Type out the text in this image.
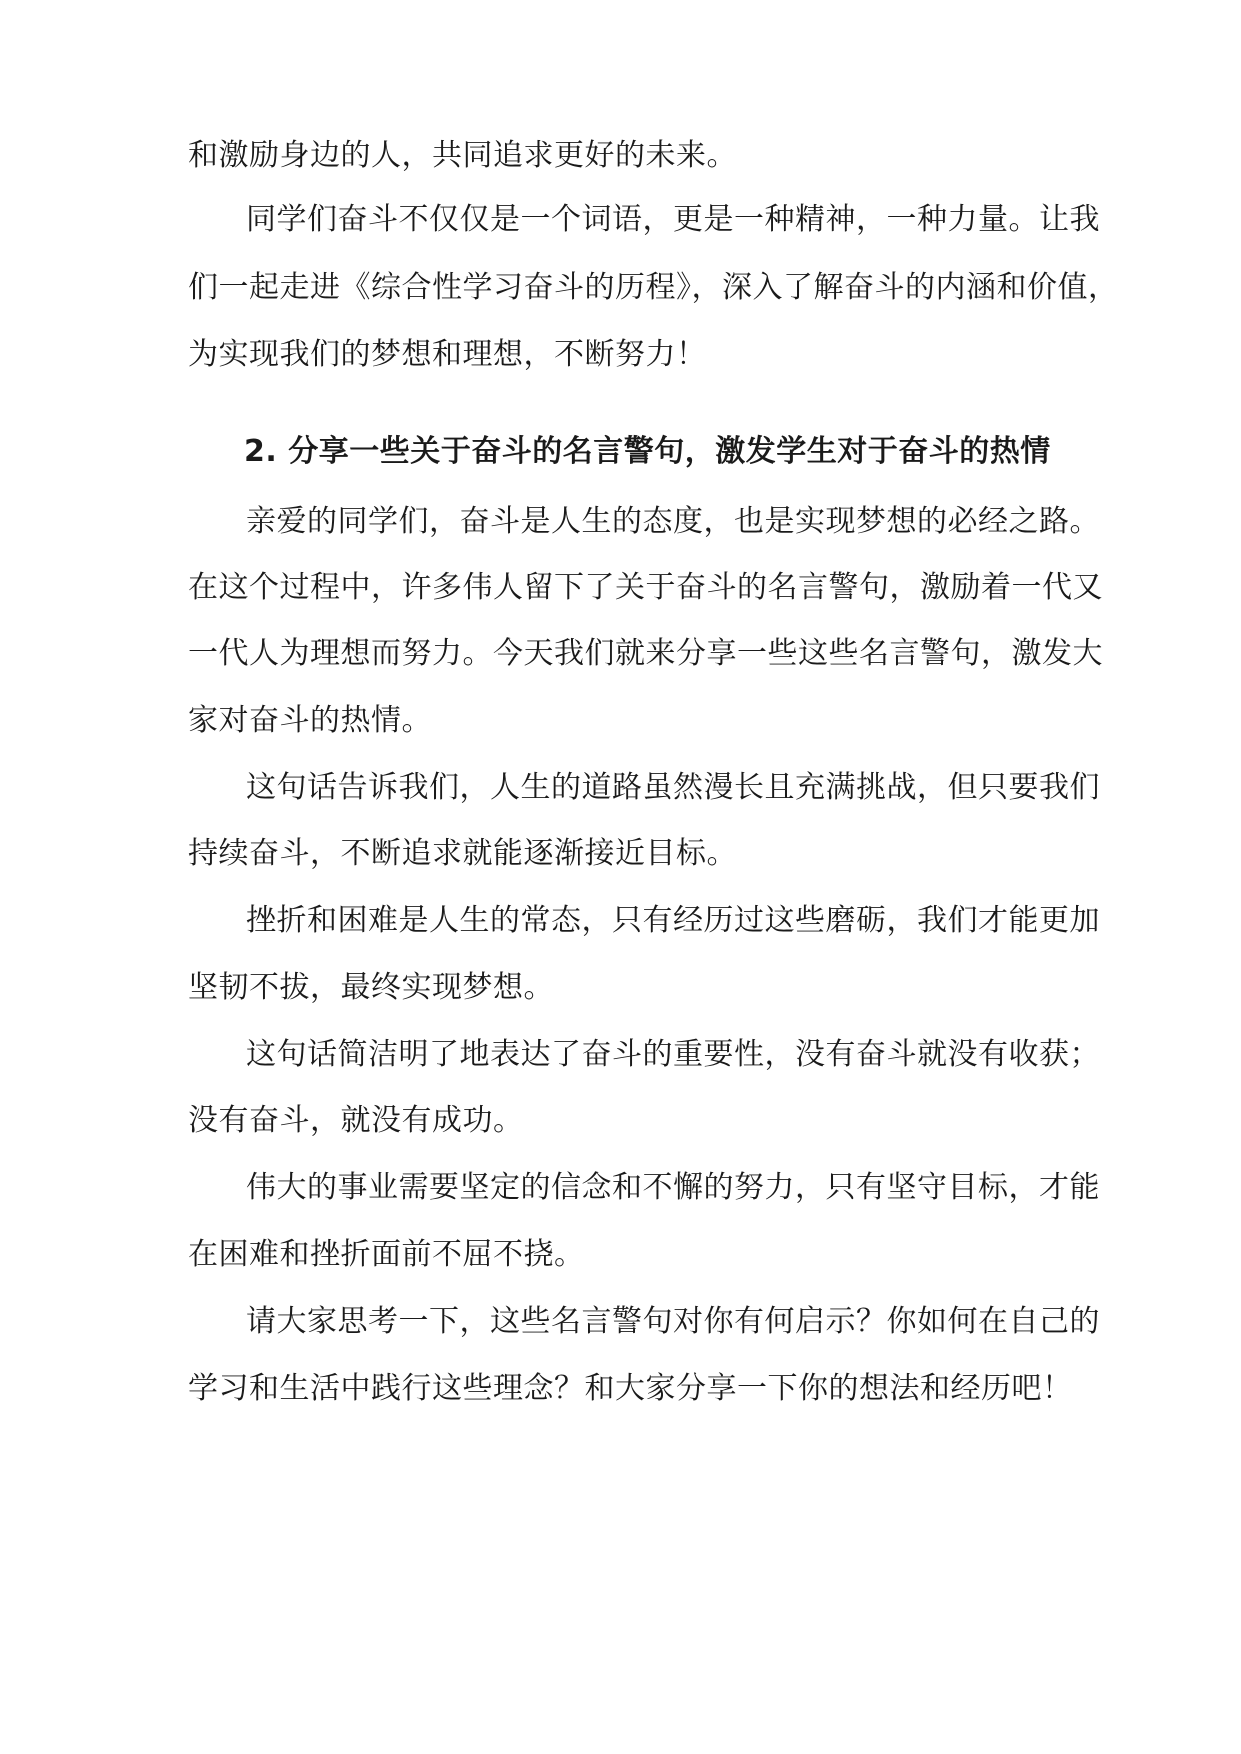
和激励身边的人，共同追求更好的未来。

同学们奋斗不仅仅是一个词语，更是一种精神，一种力量。让我

们一起走进《综合性学习奋斗的历程》，深入了解奋斗的内涵和价值，

为实现我们的梦想和理想，不断努力！

2. 分享一些关于奋斗的名言警句，激发学生对于奋斗的热情

亲爱的同学们，奋斗是人生的态度，也是实现梦想的必经之路。

在这个过程中，许多伟人留下了关于奋斗的名言警句，激励着一代又

一代人为理想而努力。今天我们就来分享一些这些名言警句，激发大

家对奋斗的热情。

这句话告诉我们，人生的道路虽然漫长且充满挑战，但只要我们

持续奋斗，不断追求就能逐渐接近目标。

挫折和困难是人生的常态，只有经历过这些磨砺，我们才能更加

坚韧不拔，最终实现梦想。

这句话简洁明了地表达了奋斗的重要性，没有奋斗就没有收获；

没有奋斗，就没有成功。

伟大的事业需要坚定的信念和不懈的努力，只有坚守目标，才能

在困难和挫折面前不屈不挠。

请大家思考一下，这些名言警句对你有何启示？你如何在自己的

学习和生活中践行这些理念？和大家分享一下你的想法和经历吧！
